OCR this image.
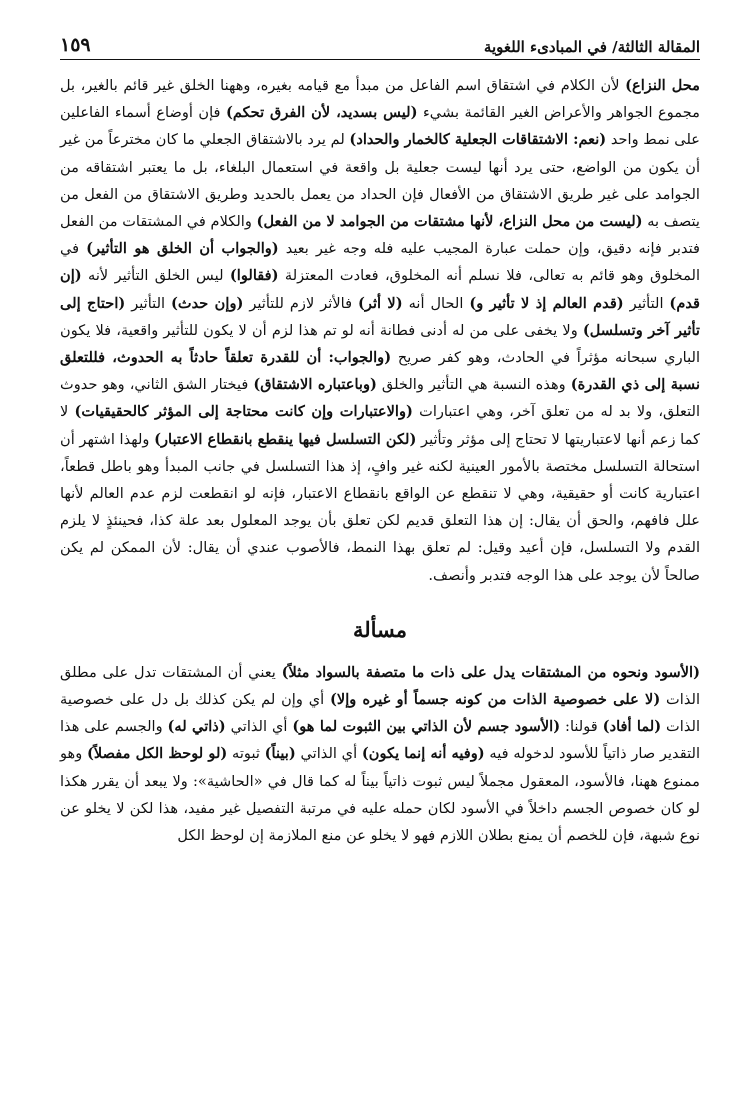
المقالة الثالثة/ في المبادىء اللغوية
١٥٩

محل النزاع) لأن الكلام في اشتقاق اسم الفاعل من مبدأ مع قيامه بغيره، وههنا الخلق غير قائم بالغير، بل مجموع الجواهر والأعراض الغير القائمة بشيء (ليس بسديد، لأن الفرق تحكم) فإن أوضاع أسماء الفاعلين على نمط واحد (نعم: الاشتقاقات الجعلية كالخمار والحداد) لم يرد بالاشتقاق الجعلي ما كان مخترعاً من غير أن يكون من الواضع، حتى يرد أنها ليست جعلية بل واقعة في استعمال البلغاء، بل ما يعتبر اشتقاقه من الجوامد على غير طريق الاشتقاق من الأفعال فإن الحداد من يعمل بالحديد وطريق الاشتقاق من الفعل من يتصف به (ليست من محل النزاع، لأنها مشتقات من الجوامد لا من الفعل) والكلام في المشتقات من الفعل فتدبر فإنه دقيق، وإن حملت عبارة المجيب عليه فله وجه غير بعيد (والجواب أن الخلق هو التأثير) في المخلوق وهو قائم به تعالى، فلا نسلم أنه المخلوق، فعادت المعتزلة (فقالوا) ليس الخلق التأثير لأنه (إن قدم) التأثير (قدم العالم إذ لا تأثير و) الحال أنه (لا أثر) فالأثر لازم للتأثير (وإن حدث) التأثير (احتاج إلى تأثير آخر وتسلسل) ولا يخفى على من له أدنى فطانة أنه لو تم هذا لزم أن لا يكون للتأثير واقعية، فلا يكون الباري سبحانه مؤثراً في الحادث، وهو كفر صريح (والجواب: أن للقدرة تعلقاً حادثاً به الحدوث، فللتعلق نسبة إلى ذي القدرة) وهذه النسبة هي التأثير والخلق (وباعتباره الاشتقاق) فيختار الشق الثاني، وهو حدوث التعلق، ولا بد له من تعلق آخر، وهي اعتبارات (والاعتبارات وإن كانت محتاجة إلى المؤثر كالحقيقيات) لا كما زعم أنها لاعتباريتها لا تحتاج إلى مؤثر وتأثير (لكن التسلسل فيها ينقطع بانقطاع الاعتبار) ولهذا اشتهر أن استحالة التسلسل مختصة بالأمور العينية لكنه غير وافٍ، إذ هذا التسلسل في جانب المبدأ وهو باطل قطعاً، اعتبارية كانت أو حقيقية، وهي لا تنقطع عن الواقع بانقطاع الاعتبار، فإنه لو انقطعت لزم عدم العالم لأنها علل فافهم، والحق أن يقال: إن هذا التعلق قديم لكن تعلق بأن يوجد المعلول بعد علة كذا، فحينئذٍ لا يلزم القدم ولا التسلسل، فإن أعيد وقيل: لم تعلق بهذا النمط، فالأصوب عندي أن يقال: لأن الممكن لم يكن صالحاً لأن يوجد على هذا الوجه فتدبر وأنصف.

مسألة

(الأسود ونحوه من المشتقات يدل على ذات ما متصفة بالسواد مثلاً) يعني أن المشتقات تدل على مطلق الذات (لا على خصوصية الذات من كونه جسماً أو غيره وإلا) أي وإن لم يكن كذلك بل دل على خصوصية الذات (لما أفاد) قولنا: (الأسود جسم لأن الذاتي بين الثبوت لما هو) أي الذاتي (ذاتي له) والجسم على هذا التقدير صار ذاتياً للأسود لدخوله فيه (وفيه أنه إنما يكون) أي الذاتي (بيناً) ثبوته (لو لوحظ الكل مفصلاً) وهو ممنوع ههنا، فالأسود، المعقول مجملاً ليس ثبوت ذاتياً بيناً له كما قال في «الحاشية»: ولا يبعد أن يقرر هكذا لو كان خصوص الجسم داخلاً في الأسود لكان حمله عليه في مرتبة التفصيل غير مفيد، هذا لكن لا يخلو عن نوع شبهة، فإن للخصم أن يمنع بطلان اللازم فهو لا يخلو عن منع الملازمة إن لوحظ الكل
